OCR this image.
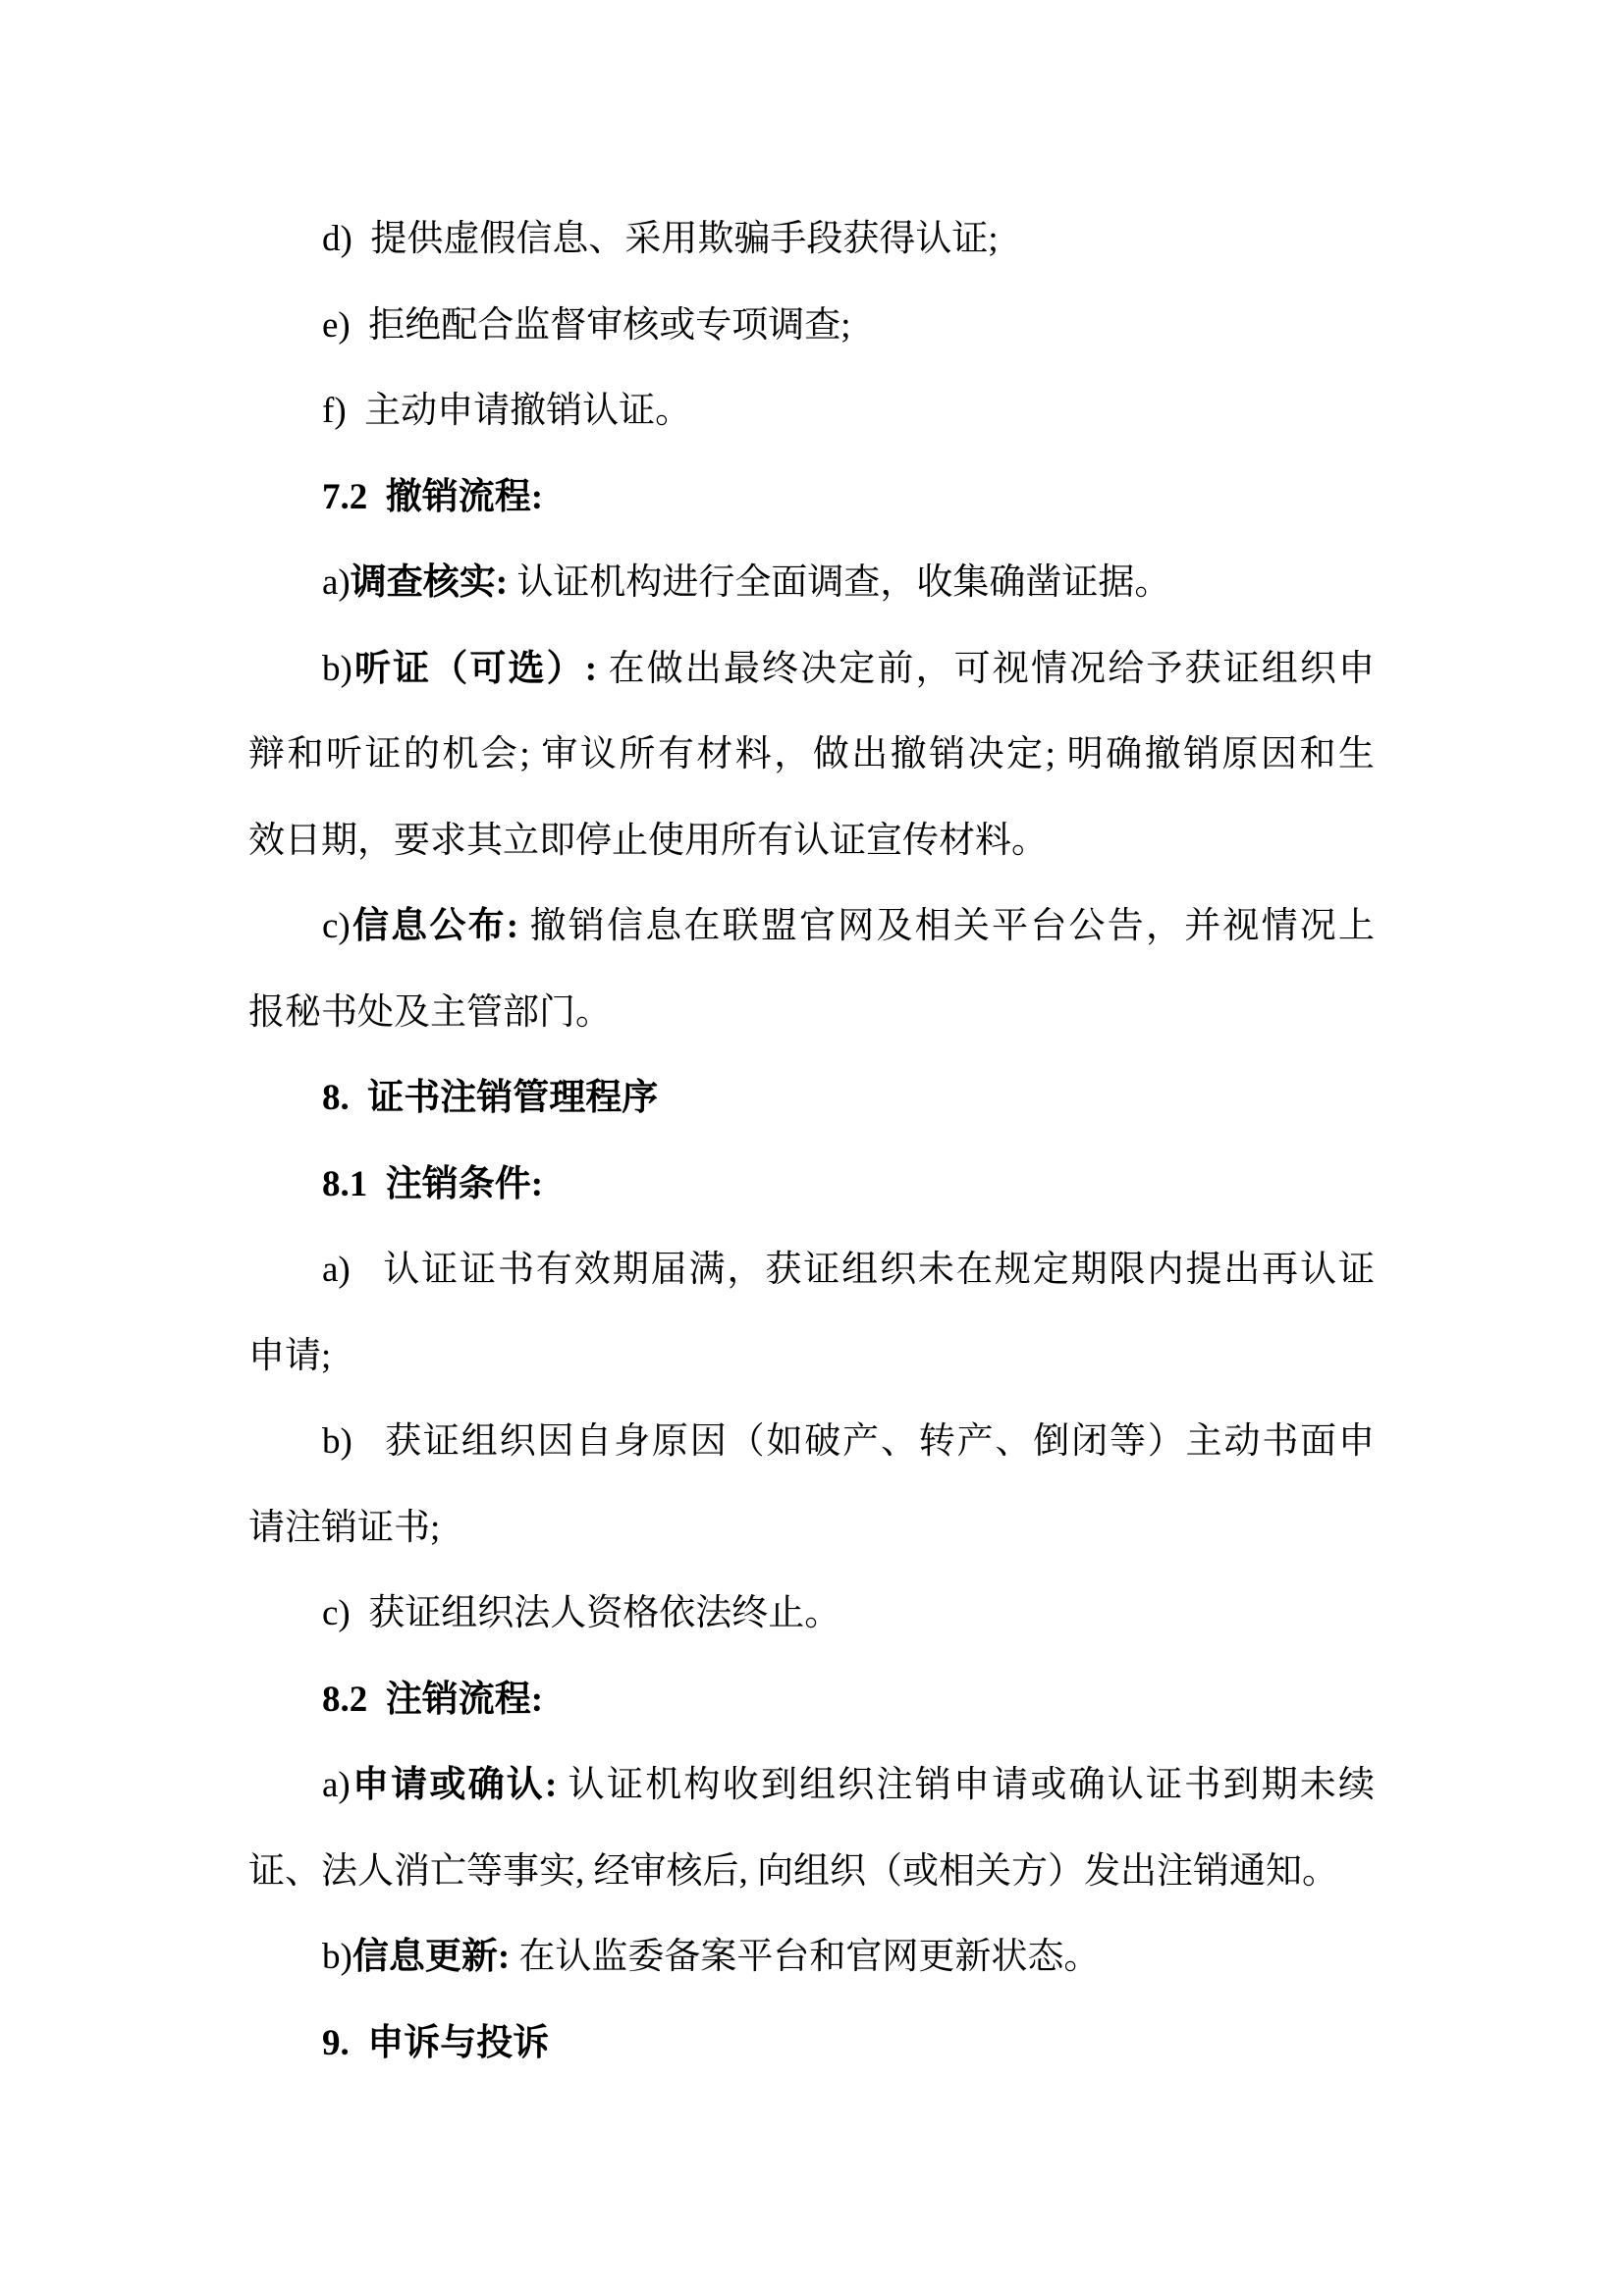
d)  提供虚假信息、采用欺骗手段获得认证;
e)  拒绝配合监督审核或专项调查;
f)  主动申请撤销认证。
7.2  撤销流程:
a)调查核实: 认证机构进行全面调查，收集确凿证据。
b)听证（可选）: 在做出最终决定前，可视情况给予获证组织申
辩和听证的机会; 审议所有材料，做出撤销决定; 明确撤销原因和生
效日期，要求其立即停止使用所有认证宣传材料。
c)信息公布: 撤销信息在联盟官网及相关平台公告，并视情况上
报秘书处及主管部门。
8.  证书注销管理程序
8.1  注销条件:
a)   认证证书有效期届满，获证组织未在规定期限内提出再认证
申请;
b)   获证组织因自身原因（如破产、转产、倒闭等）主动书面申
请注销证书;
c)  获证组织法人资格依法终止。
8.2  注销流程:
a)申请或确认: 认证机构收到组织注销申请或确认证书到期未续
证、法人消亡等事实, 经审核后, 向组织（或相关方）发出注销通知。
b)信息更新: 在认监委备案平台和官网更新状态。
9.  申诉与投诉
